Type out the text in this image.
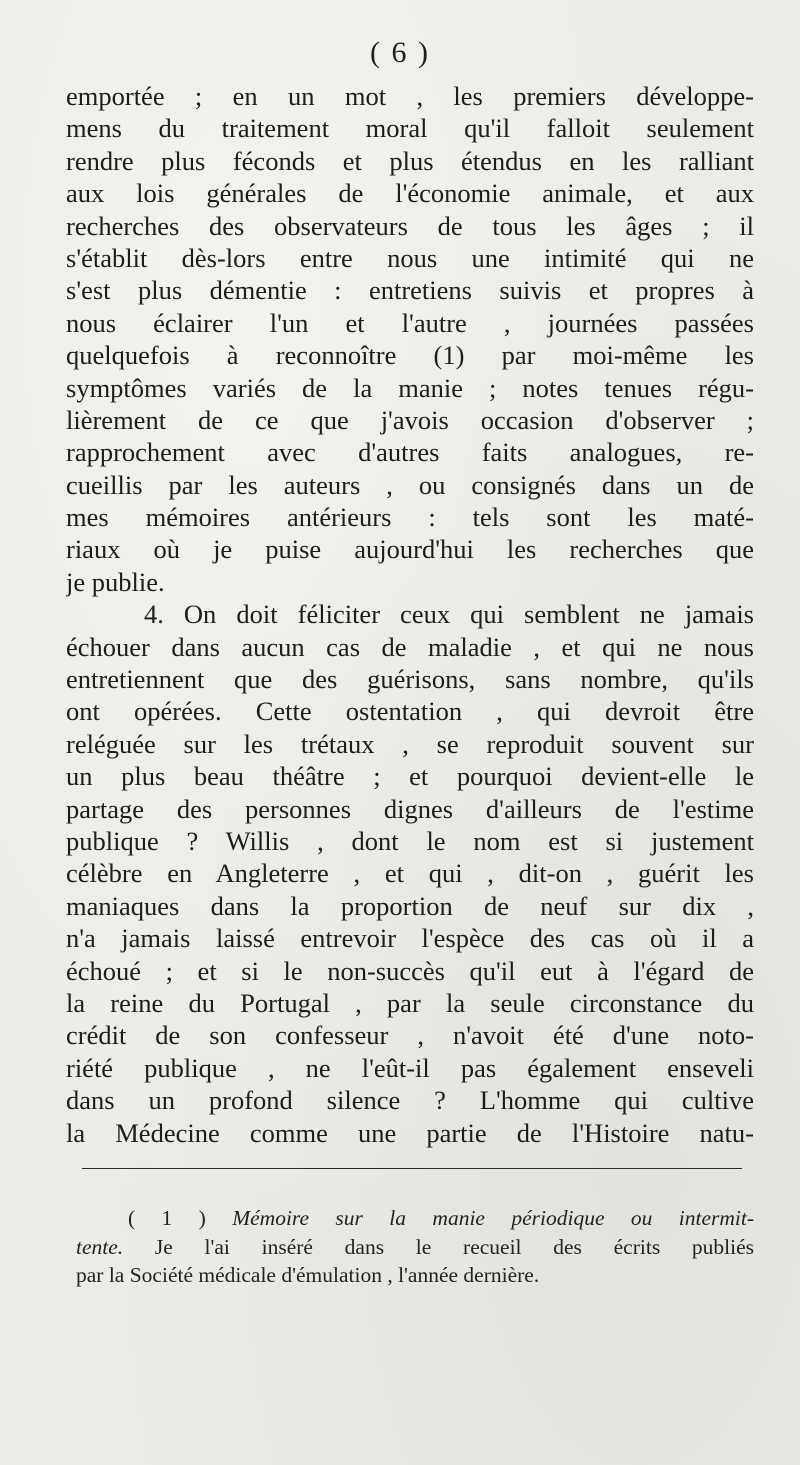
( 6 )
emportée ; en un mot , les premiers développe-
mens du traitement moral qu'il falloit seulement
rendre plus féconds et plus étendus en les ralliant
aux lois générales de l'économie animale, et aux
recherches des observateurs de tous les âges ; il
s'établit dès-lors entre nous une intimité qui ne
s'est plus démentie : entretiens suivis et propres à
nous éclairer l'un et l'autre , journées passées
quelquefois à reconnoître (1) par moi-même les
symptômes variés de la manie ; notes tenues régu-
lièrement de ce que j'avois occasion d'observer ;
rapprochement avec d'autres faits analogues, re-
cueillis par les auteurs , ou consignés dans un de
mes mémoires antérieurs : tels sont les maté-
riaux où je puise aujourd'hui les recherches que
je publie.
4. On doit féliciter ceux qui semblent ne jamais
échouer dans aucun cas de maladie , et qui ne nous
entretiennent que des guérisons, sans nombre, qu'ils
ont opérées. Cette ostentation , qui devroit être
reléguée sur les trétaux , se reproduit souvent sur
un plus beau théâtre ; et pourquoi devient-elle le
partage des personnes dignes d'ailleurs de l'estime
publique ? Willis , dont le nom est si justement
célèbre en Angleterre , et qui , dit-on , guérit les
maniaques dans la proportion de neuf sur dix ,
n'a jamais laissé entrevoir l'espèce des cas où il a
échoué ; et si le non-succès qu'il eut à l'égard de
la reine du Portugal , par la seule circonstance du
crédit de son confesseur , n'avoit été d'une noto-
riété publique , ne l'eût-il pas également enseveli
dans un profond silence ? L'homme qui cultive
la Médecine comme une partie de l'Histoire natu-
( 1 ) Mémoire sur la manie périodique ou intermit-
tente. Je l'ai inséré dans le recueil des écrits publiés
par la Société médicale d'émulation , l'année dernière.
